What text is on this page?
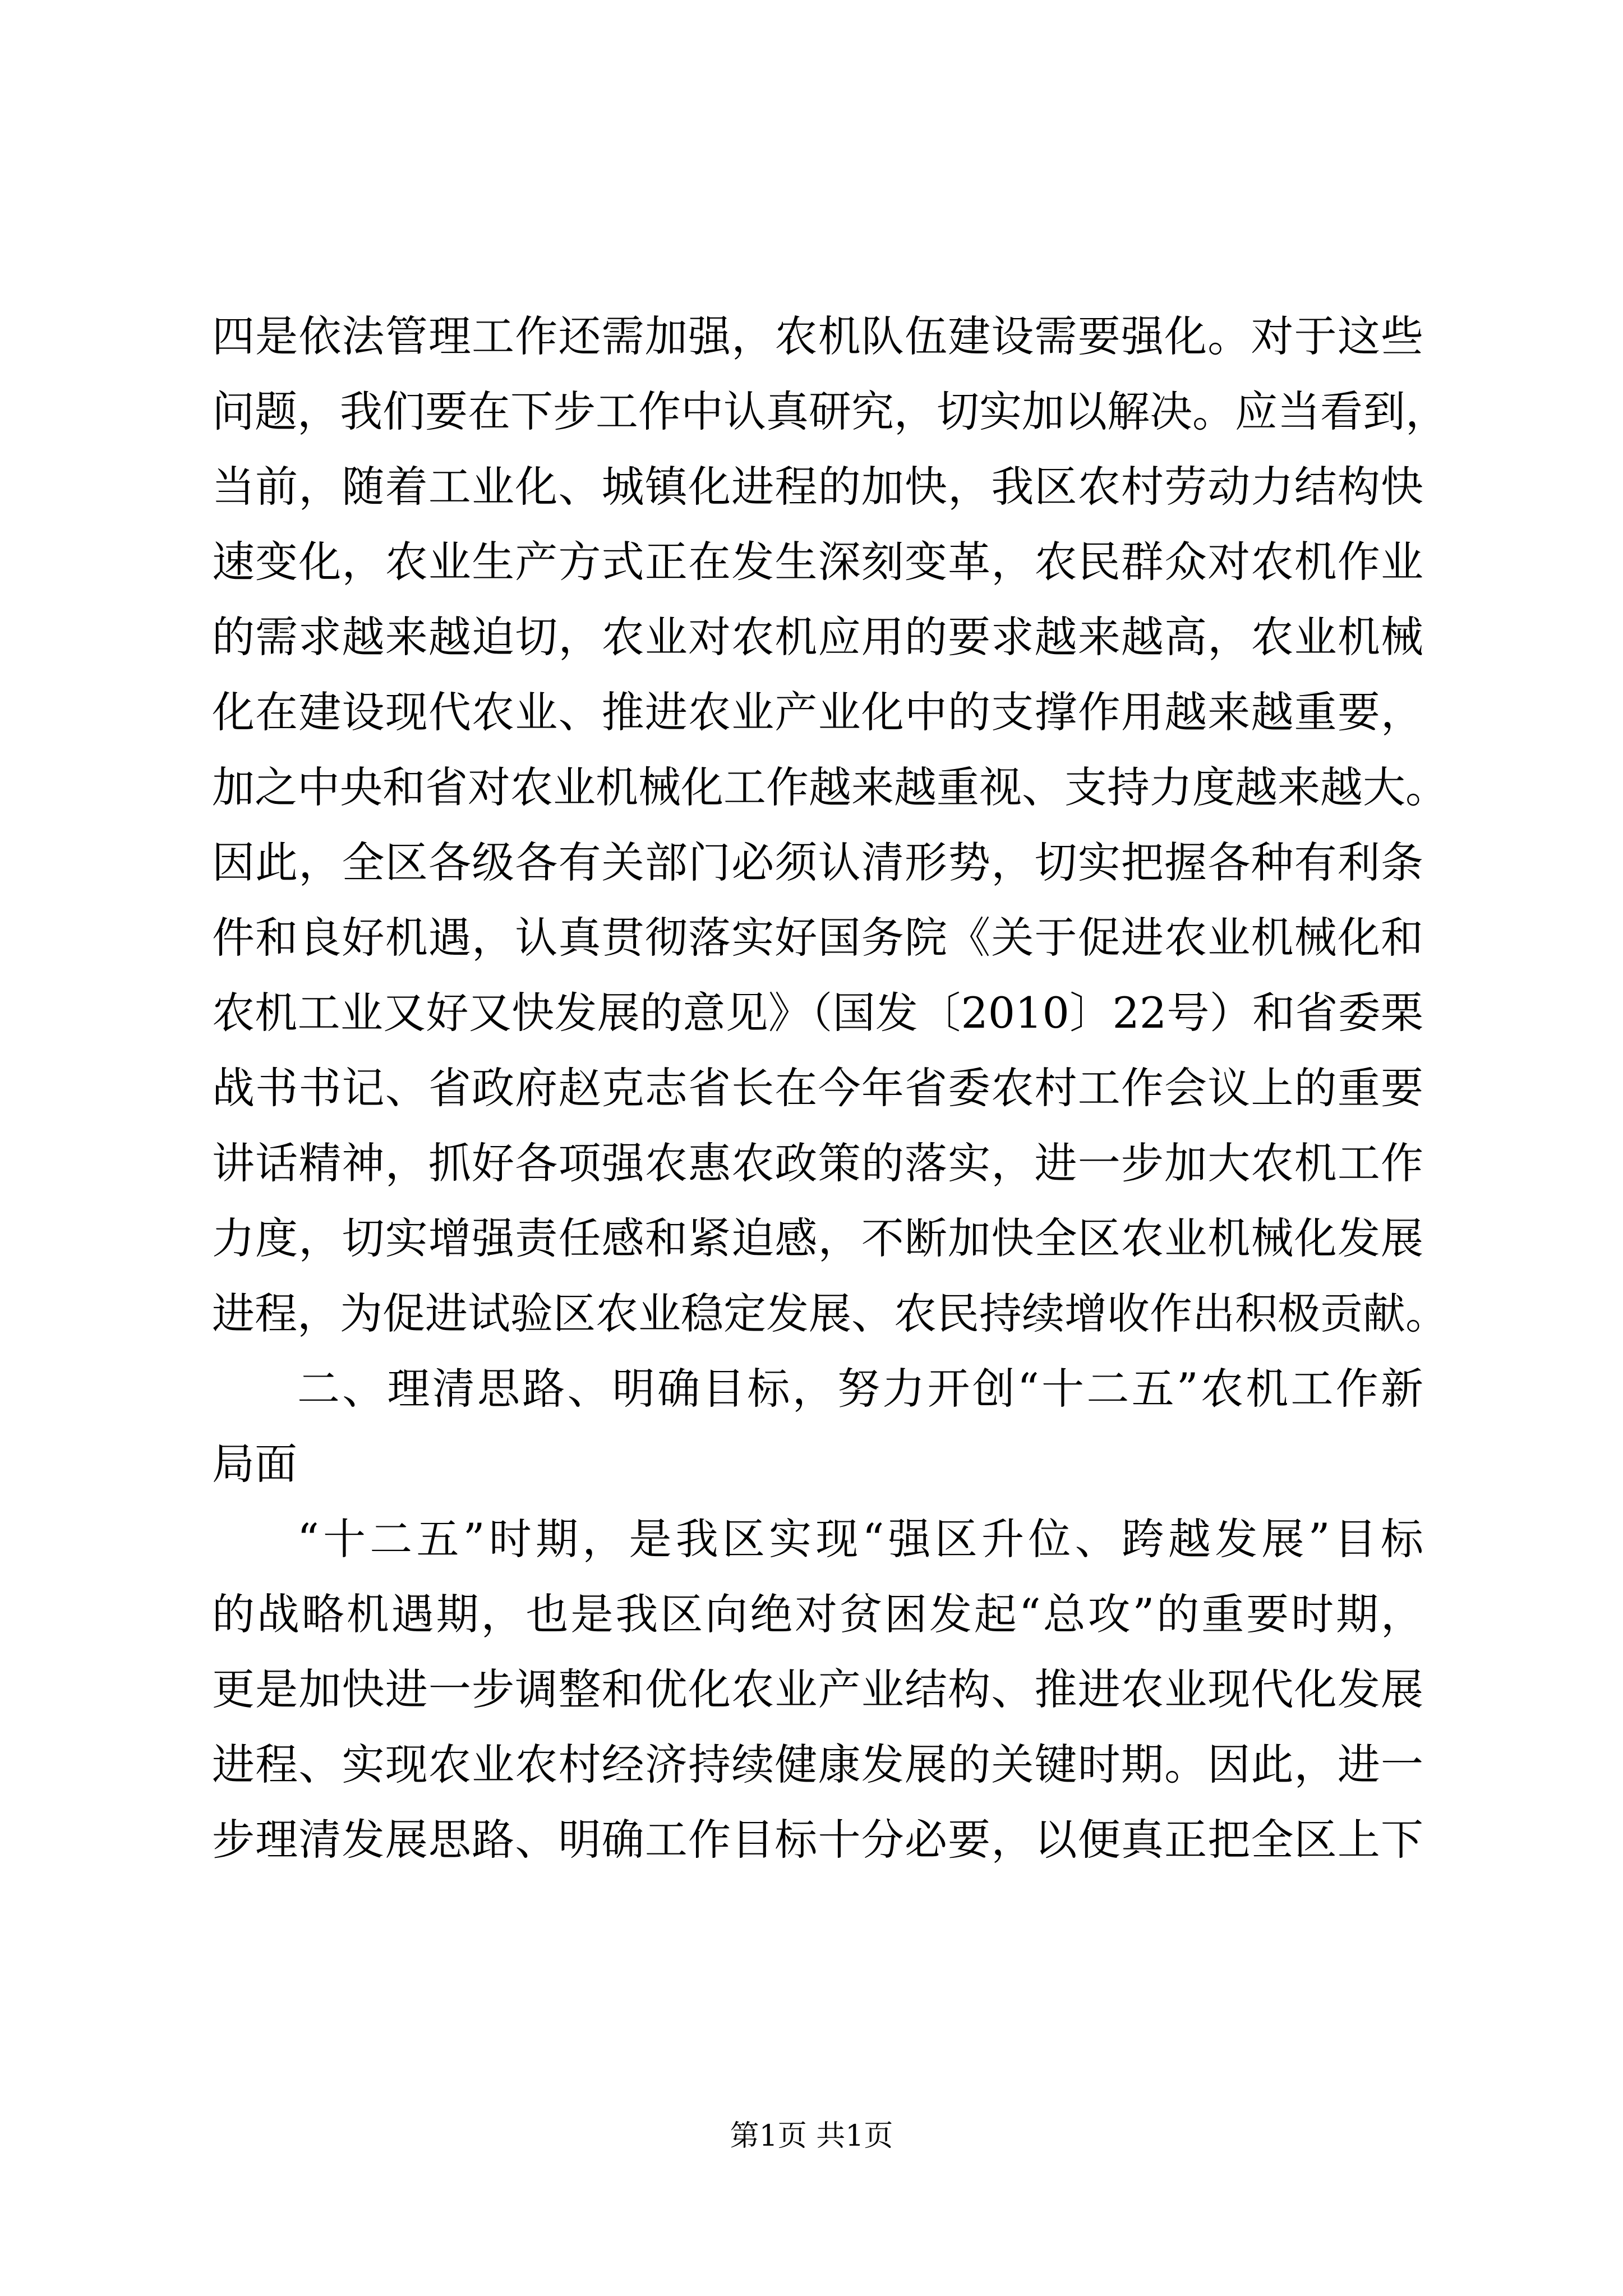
四是依法管理工作还需加强，农机队伍建设需要强化。对于这些
问题，我们要在下步工作中认真研究，切实加以解决。应当看到，
当前，随着工业化、城镇化进程的加快，我区农村劳动力结构快
速变化，农业生产方式正在发生深刻变革，农民群众对农机作业
的需求越来越迫切，农业对农机应用的要求越来越高，农业机械
化在建设现代农业、推进农业产业化中的支撑作用越来越重要，
加之中央和省对农业机械化工作越来越重视、支持力度越来越大。
因此，全区各级各有关部门必须认清形势，切实把握各种有利条
件和良好机遇，认真贯彻落实好国务院《关于促进农业机械化和
农机工业又好又快发展的意见》（国发〔2010〕22号）和省委栗
战书书记、省政府赵克志省长在今年省委农村工作会议上的重要
讲话精神，抓好各项强农惠农政策的落实，进一步加大农机工作
力度，切实增强责任感和紧迫感，不断加快全区农业机械化发展
进程，为促进试验区农业稳定发展、农民持续增收作出积极贡献。
二、理清思路、明确目标，努力开创“十二五”农机工作新
局面
“十二五”时期，是我区实现“强区升位、跨越发展”目标
的战略机遇期，也是我区向绝对贫困发起“总攻”的重要时期，
更是加快进一步调整和优化农业产业结构、推进农业现代化发展
进程、实现农业农村经济持续健康发展的关键时期。因此，进一
步理清发展思路、明确工作目标十分必要，以便真正把全区上下
第1页 共1页
